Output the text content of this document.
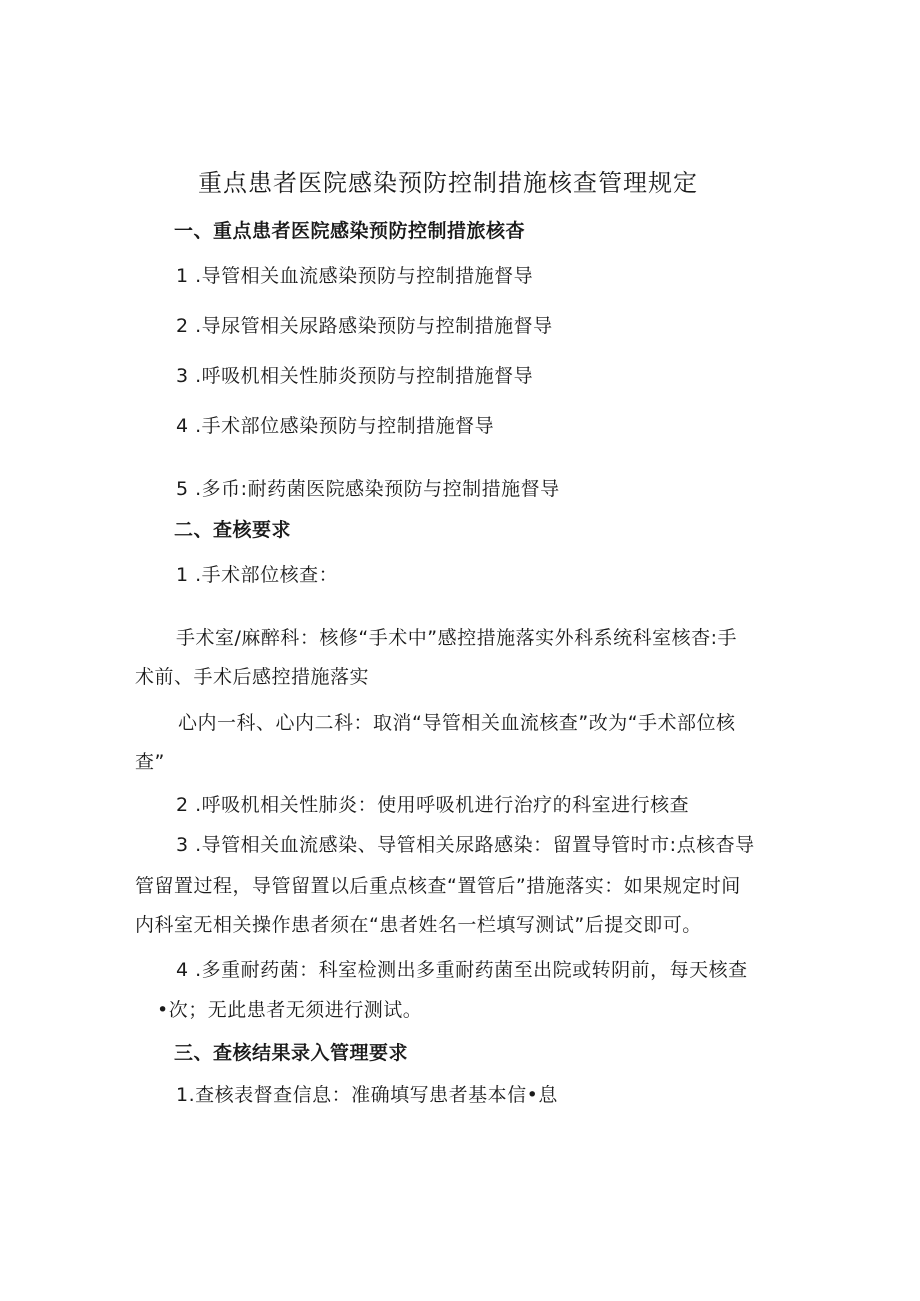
重点患者医院感染预防控制措施核查管理规定
一、重点患者医院感染预防控制措旅核杳
1 .导管相关血流感染预防与控制措施督导
2 .导尿管相关尿路感染预防与控制措施督导
3 .呼吸机相关性肺炎预防与控制措施督导
4 .手术部位感染预防与控制措施督导
5 .多币:耐药菌医院感染预防与控制措施督导
二、查核要求
1 .手术部位核查：
手术室/麻醉科：核修“手术中”感控措施落实外科系统科室核杳:手
术前、手术后感控措施落实
心内一科、心内二科：取消“导管相关血流核查”改为“手术部位核
查”
2 .呼吸机相关性肺炎：使用呼吸机进行治疗的科室进行核查
3 .导管相关血流感染、导管相关尿路感染：留置导管时市:点核杳导
管留置过程，导管留置以后重点核查“置管后”措施落实：如果规定时间
内科室无相关操作患者须在“患者姓名一栏填写测试”后提交即可。
4 .多重耐药菌：科室检测出多重耐药菌至出院或转阴前，每天核查
•次；无此患者无须进行测试。
三、查核结果录入管理要求
1.查核表督查信息：准确填写患者基本信•息
